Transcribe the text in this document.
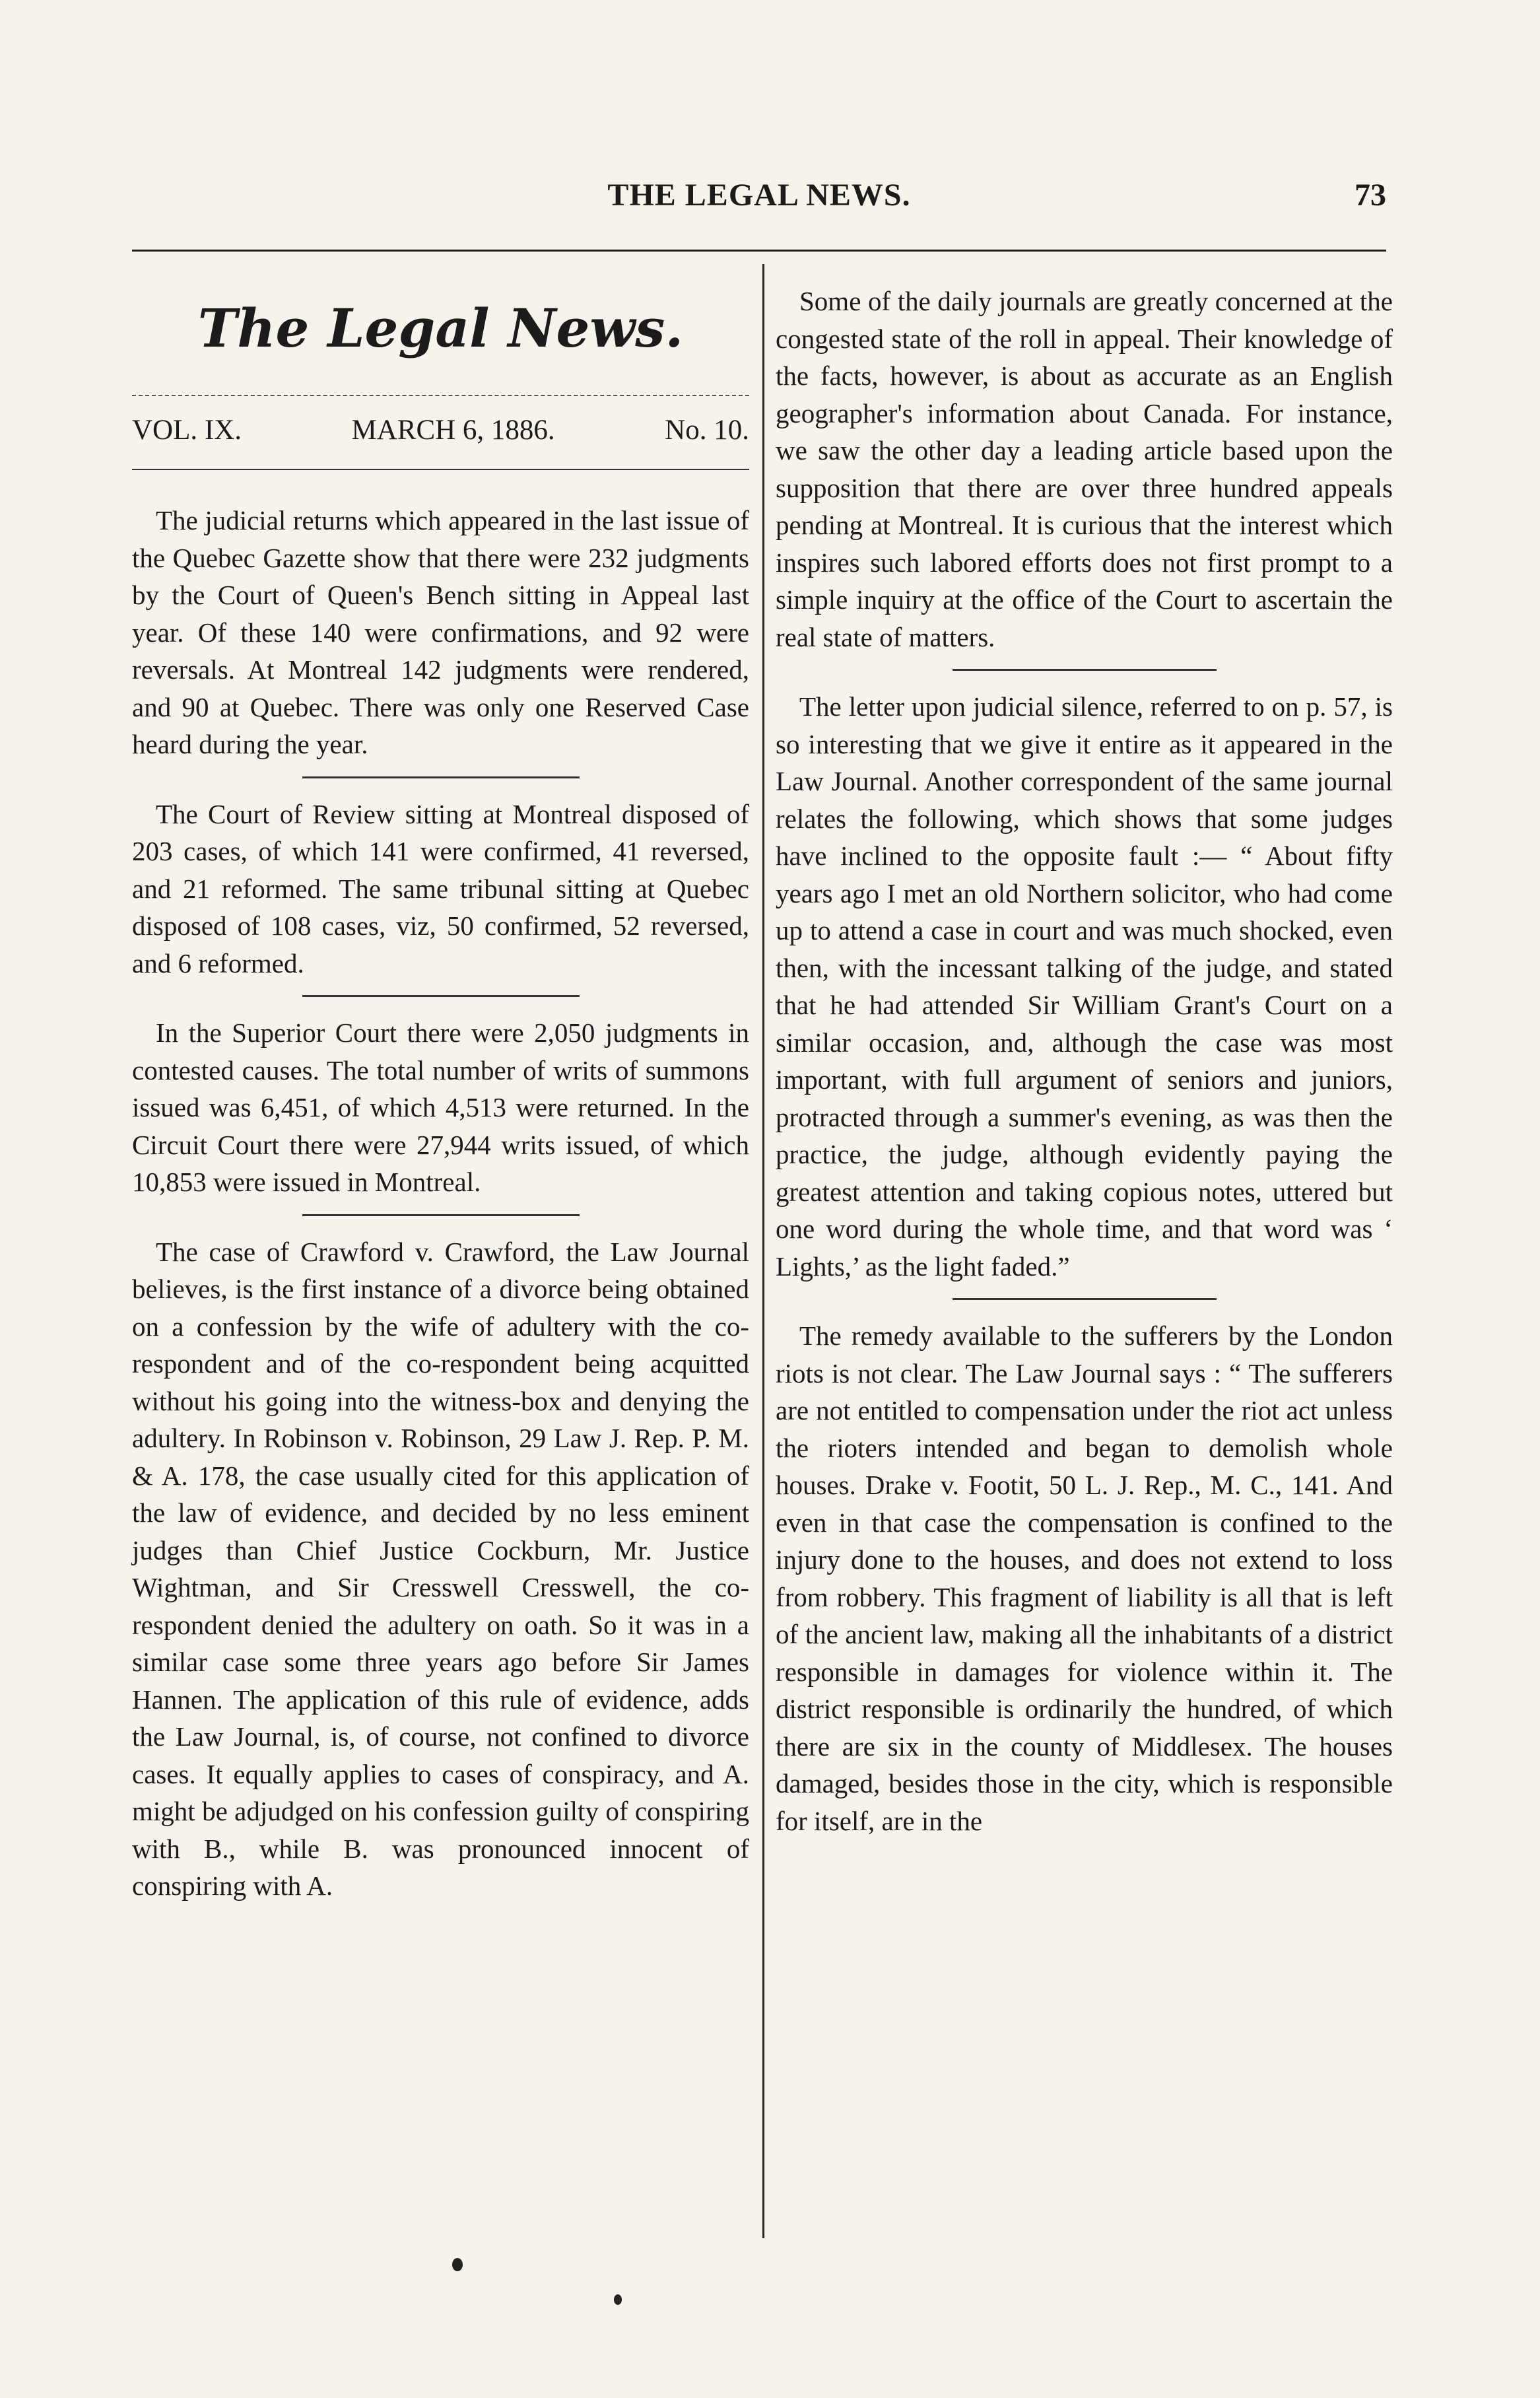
THE LEGAL NEWS.	73
The Legal News.
VOL. IX.	MARCH 6, 1886.	No. 10.

The judicial returns which appeared in the last issue of the Quebec Gazette show that there were 232 judgments by the Court of Queen's Bench sitting in Appeal last year. Of these 140 were confirmations, and 92 were reversals. At Montreal 142 judgments were rendered, and 90 at Quebec. There was only one Reserved Case heard during the year.

The Court of Review sitting at Montreal disposed of 203 cases, of which 141 were confirmed, 41 reversed, and 21 reformed. The same tribunal sitting at Quebec disposed of 108 cases, viz, 50 confirmed, 52 reversed, and 6 reformed.

In the Superior Court there were 2,050 judgments in contested causes. The total number of writs of summons issued was 6,451, of which 4,513 were returned. In the Circuit Court there were 27,944 writs issued, of which 10,853 were issued in Montreal.

The case of Crawford v. Crawford, the Law Journal believes, is the first instance of a divorce being obtained on a confession by the wife of adultery with the co-respondent and of the co-respondent being acquitted without his going into the witness-box and denying the adultery. In Robinson v. Robinson, 29 Law J. Rep. P. M. & A. 178, the case usually cited for this application of the law of evidence, and decided by no less eminent judges than Chief Justice Cockburn, Mr. Justice Wightman, and Sir Cresswell Cresswell, the co-respondent denied the adultery on oath. So it was in a similar case some three years ago before Sir James Hannen. The application of this rule of evidence, adds the Law Journal, is, of course, not confined to divorce cases. It equally applies to cases of conspiracy, and A. might be adjudged on his confession guilty of conspiring with B., while B. was pronounced innocent of conspiring with A.

Some of the daily journals are greatly concerned at the congested state of the roll in appeal. Their knowledge of the facts, however, is about as accurate as an English geographer's information about Canada. For instance, we saw the other day a leading article based upon the supposition that there are over three hundred appeals pending at Montreal. It is curious that the interest which inspires such labored efforts does not first prompt to a simple inquiry at the office of the Court to ascertain the real state of matters.

The letter upon judicial silence, referred to on p. 57, is so interesting that we give it entire as it appeared in the Law Journal. Another correspondent of the same journal relates the following, which shows that some judges have inclined to the opposite fault :— “ About fifty years ago I met an old Northern solicitor, who had come up to attend a case in court and was much shocked, even then, with the incessant talking of the judge, and stated that he had attended Sir William Grant's Court on a similar occasion, and, although the case was most important, with full argument of seniors and juniors, protracted through a summer's evening, as was then the practice, the judge, although evidently paying the greatest attention and taking copious notes, uttered but one word during the whole time, and that word was ‘ Lights,’ as the light faded.”

The remedy available to the sufferers by the London riots is not clear. The Law Journal says : “ The sufferers are not entitled to compensation under the riot act unless the rioters intended and began to demolish whole houses. Drake v. Footit, 50 L. J. Rep., M. C., 141. And even in that case the compensation is confined to the injury done to the houses, and does not extend to loss from robbery. This fragment of liability is all that is left of the ancient law, making all the inhabitants of a district responsible in damages for violence within it. The district responsible is ordinarily the hundred, of which there are six in the county of Middlesex. The houses damaged, besides those in the city, which is responsible for itself, are in the
